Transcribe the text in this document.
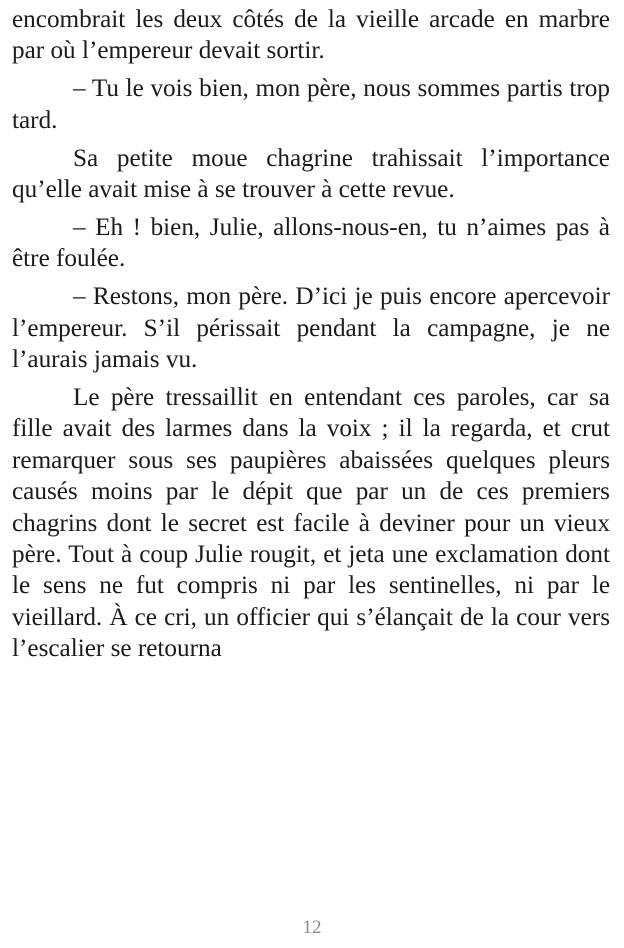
encombrait les deux côtés de la vieille arcade en marbre par où l’empereur devait sortir.

– Tu le vois bien, mon père, nous sommes partis trop tard.

Sa petite moue chagrine trahissait l’importance qu’elle avait mise à se trouver à cette revue.

– Eh ! bien, Julie, allons-nous-en, tu n’aimes pas à être foulée.

– Restons, mon père. D’ici je puis encore apercevoir l’empereur. S’il périssait pendant la campagne, je ne l’aurais jamais vu.

Le père tressaillit en entendant ces paroles, car sa fille avait des larmes dans la voix ; il la regarda, et crut remarquer sous ses paupières abaissées quelques pleurs causés moins par le dépit que par un de ces premiers chagrins dont le secret est facile à deviner pour un vieux père. Tout à coup Julie rougit, et jeta une exclamation dont le sens ne fut compris ni par les sentinelles, ni par le vieillard. À ce cri, un officier qui s’élançait de la cour vers l’escalier se retourna

12
